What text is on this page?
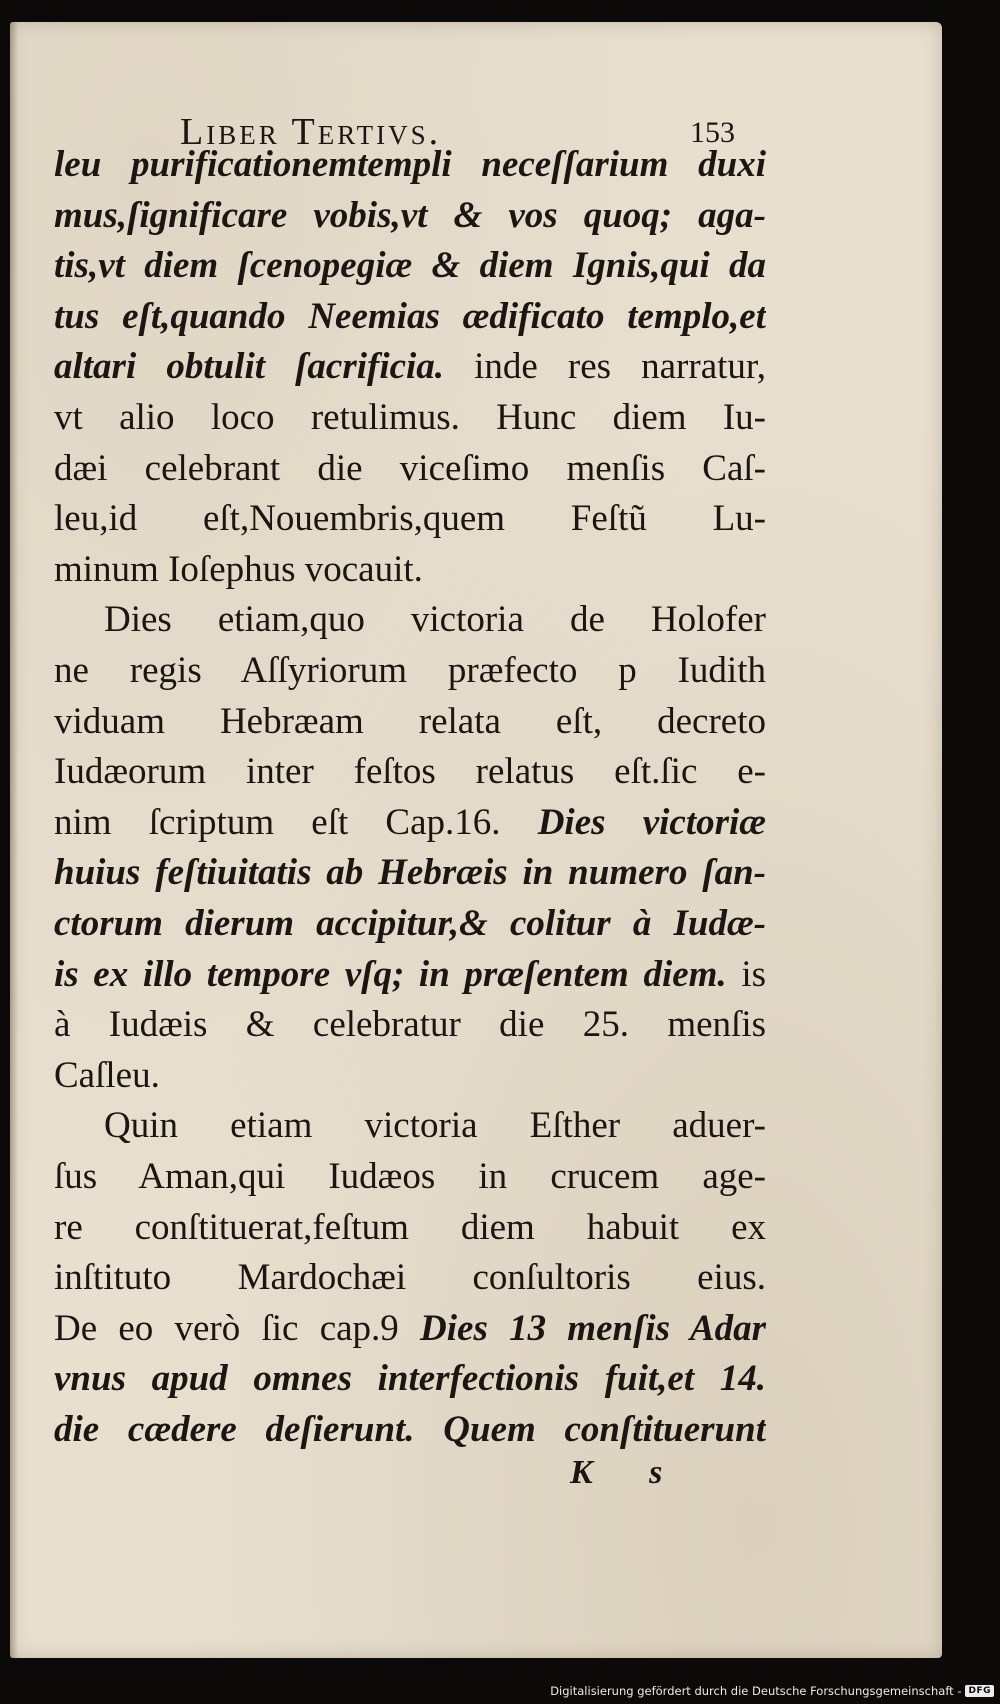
Liber Tertivs.	153
leu purificationemtempli neceſſarium duxi
mus,ſignificare vobis,vt & vos quoq; aga-
tis,vt diem ſcenopegiæ & diem Ignis,qui da
tus eſt,quando Neemias ædificato templo,et
altari obtulit ſacrificia. inde res narratur,
vt alio loco retulimus. Hunc diem Iu-
dæi celebrant die viceſimo menſis Caſ-
leu,id eſt,Nouembris,quem Feſtũ Lu-
minum Ioſephus vocauit.
Dies etiam,quo victoria de Holofer
ne regis Aſſyriorum præfecto p Iudith
viduam Hebræam relata eſt, decreto
Iudæorum inter feſtos relatus eſt.ſic e-
nim ſcriptum eſt Cap.16. Dies victoriæ
huius feſtiuitatis ab Hebræis in numero ſan-
ctorum dierum accipitur,& colitur à Iudæ-
is ex illo tempore vſq; in præſentem diem. is
à Iudæis & celebratur die 25. menſis
Caſleu.
Quin etiam victoria Eſther aduer-
ſus Aman,qui Iudæos in crucem age-
re conſtituerat,feſtum diem habuit ex
inſtituto Mardochæi conſultoris eius.
De eo verò ſic cap.9 Dies 13 menſis Adar
vnus apud omnes interfectionis fuit,et 14.
die cædere deſierunt. Quem conſtituerunt
K s
Digitalisierung gefördert durch die Deutsche Forschungsgemeinschaft - DFG
